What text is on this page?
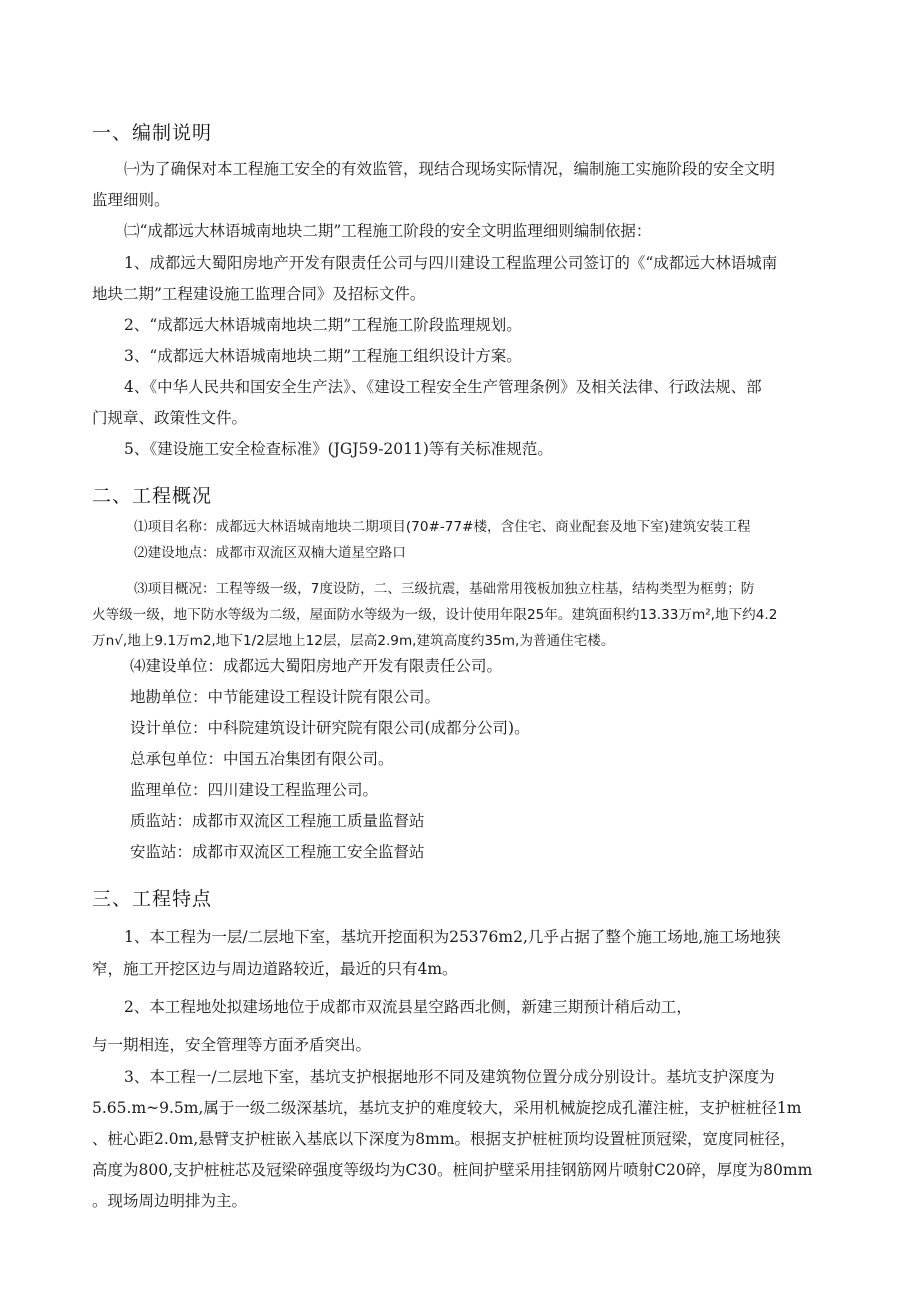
一、编制说明

㈠为了确保对本工程施工安全的有效监管，现结合现场实际情况，编制施工实施阶段的安全文明

监理细则。

㈡“成都远大林语城南地块二期”工程施工阶段的安全文明监理细则编制依据：

1、成都远大蜀阳房地产开发有限责任公司与四川建设工程监理公司签订的《“成都远大林语城南

地块二期”工程建设施工监理合同》及招标文件。

2、“成都远大林语城南地块二期”工程施工阶段监理规划。

3、“成都远大林语城南地块二期”工程施工组织设计方案。

4、《中华人民共和国安全生产法》、《建设工程安全生产管理条例》及相关法律、行政法规、部

门规章、政策性文件。

5、《建设施工安全检查标准》(JGJ59-2011)等有关标准规范。

二、工程概况

⑴项目名称：成都远大林语城南地块二期项目(70#-77#楼，含住宅、商业配套及地下室)建筑安装工程

⑵建设地点：成都市双流区双楠大道星空路口

⑶项目概况：工程等级一级，7度设防，二、三级抗震，基础常用筏板加独立柱基，结构类型为框剪；防

火等级一级，地下防水等级为二级，屋面防水等级为一级，设计使用年限25年。建筑面积约13.33万m²,地下约4.2

万n√,地上9.1万m2,地下1/2层地上12层，层高2.9m,建筑高度约35m,为普通住宅楼。

⑷建设单位：成都远大蜀阳房地产开发有限责任公司。

地勘单位：中节能建设工程设计院有限公司。

设计单位：中科院建筑设计研究院有限公司(成都分公司)。

总承包单位：中国五冶集团有限公司。

监理单位：四川建设工程监理公司。

质监站：成都市双流区工程施工质量监督站

安监站：成都市双流区工程施工安全监督站

三、工程特点

1、本工程为一层/二层地下室，基坑开挖面积为25376m2,几乎占据了整个施工场地,施工场地狭

窄，施工开挖区边与周边道路较近，最近的只有4m。

2、本工程地处拟建场地位于成都市双流县星空路西北侧，新建三期预计稍后动工，

与一期相连，安全管理等方面矛盾突出。

3、本工程一/二层地下室，基坑支护根据地形不同及建筑物位置分成分别设计。基坑支护深度为

5.65.m~9.5m,属于一级二级深基坑，基坑支护的难度较大，采用机械旋挖成孔灌注桩，支护桩桩径1m

、桩心距2.0m,悬臂支护桩嵌入基底以下深度为8mm。根据支护桩桩顶均设置桩顶冠梁，宽度同桩径，

高度为800,支护桩桩芯及冠梁碎强度等级均为C30。桩间护壁采用挂钢筋网片喷射C20碎，厚度为80mm

。现场周边明排为主。
